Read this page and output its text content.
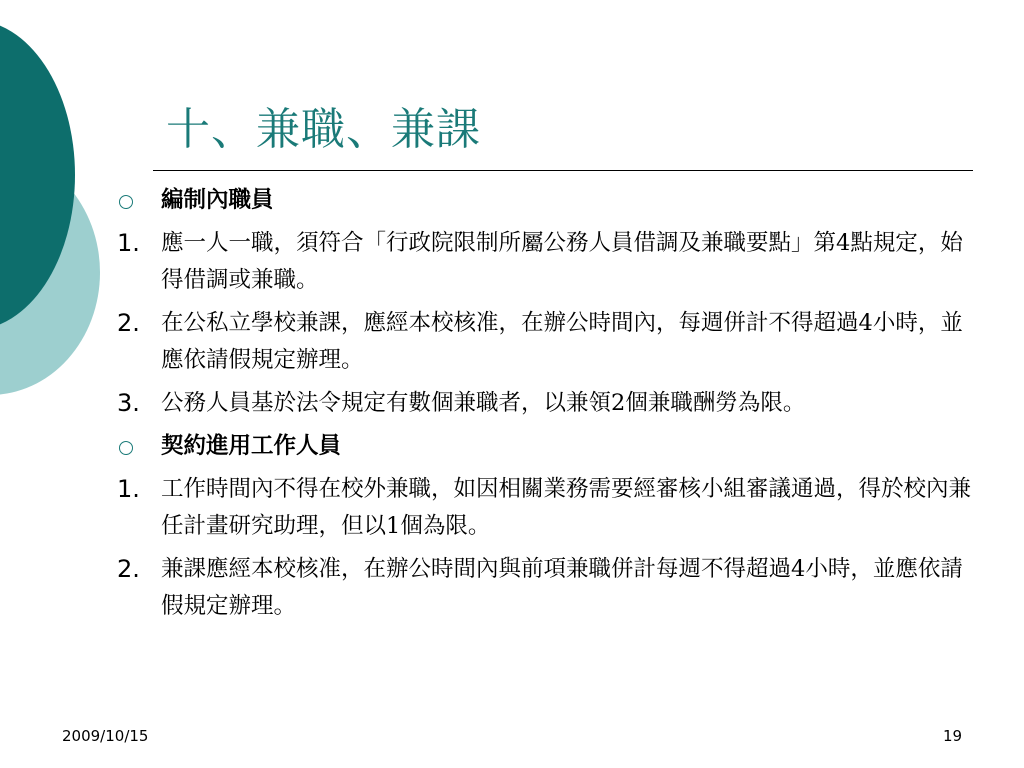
十、兼職、兼課
編制內職員
1. 應一人一職，須符合「行政院限制所屬公務人員借調及兼職要點」第4點規定，始得借調或兼職。
2. 在公私立學校兼課，應經本校核准，在辦公時間內，每週併計不得超過4小時，並應依請假規定辦理。
3. 公務人員基於法令規定有數個兼職者，以兼領2個兼職酬勞為限。
契約進用工作人員
1. 工作時間內不得在校外兼職，如因相關業務需要經審核小組審議通過，得於校內兼任計畫研究助理，但以1個為限。
2. 兼課應經本校核准，在辦公時間內與前項兼職併計每週不得超過4小時，並應依請假規定辦理。
2009/10/15	19
